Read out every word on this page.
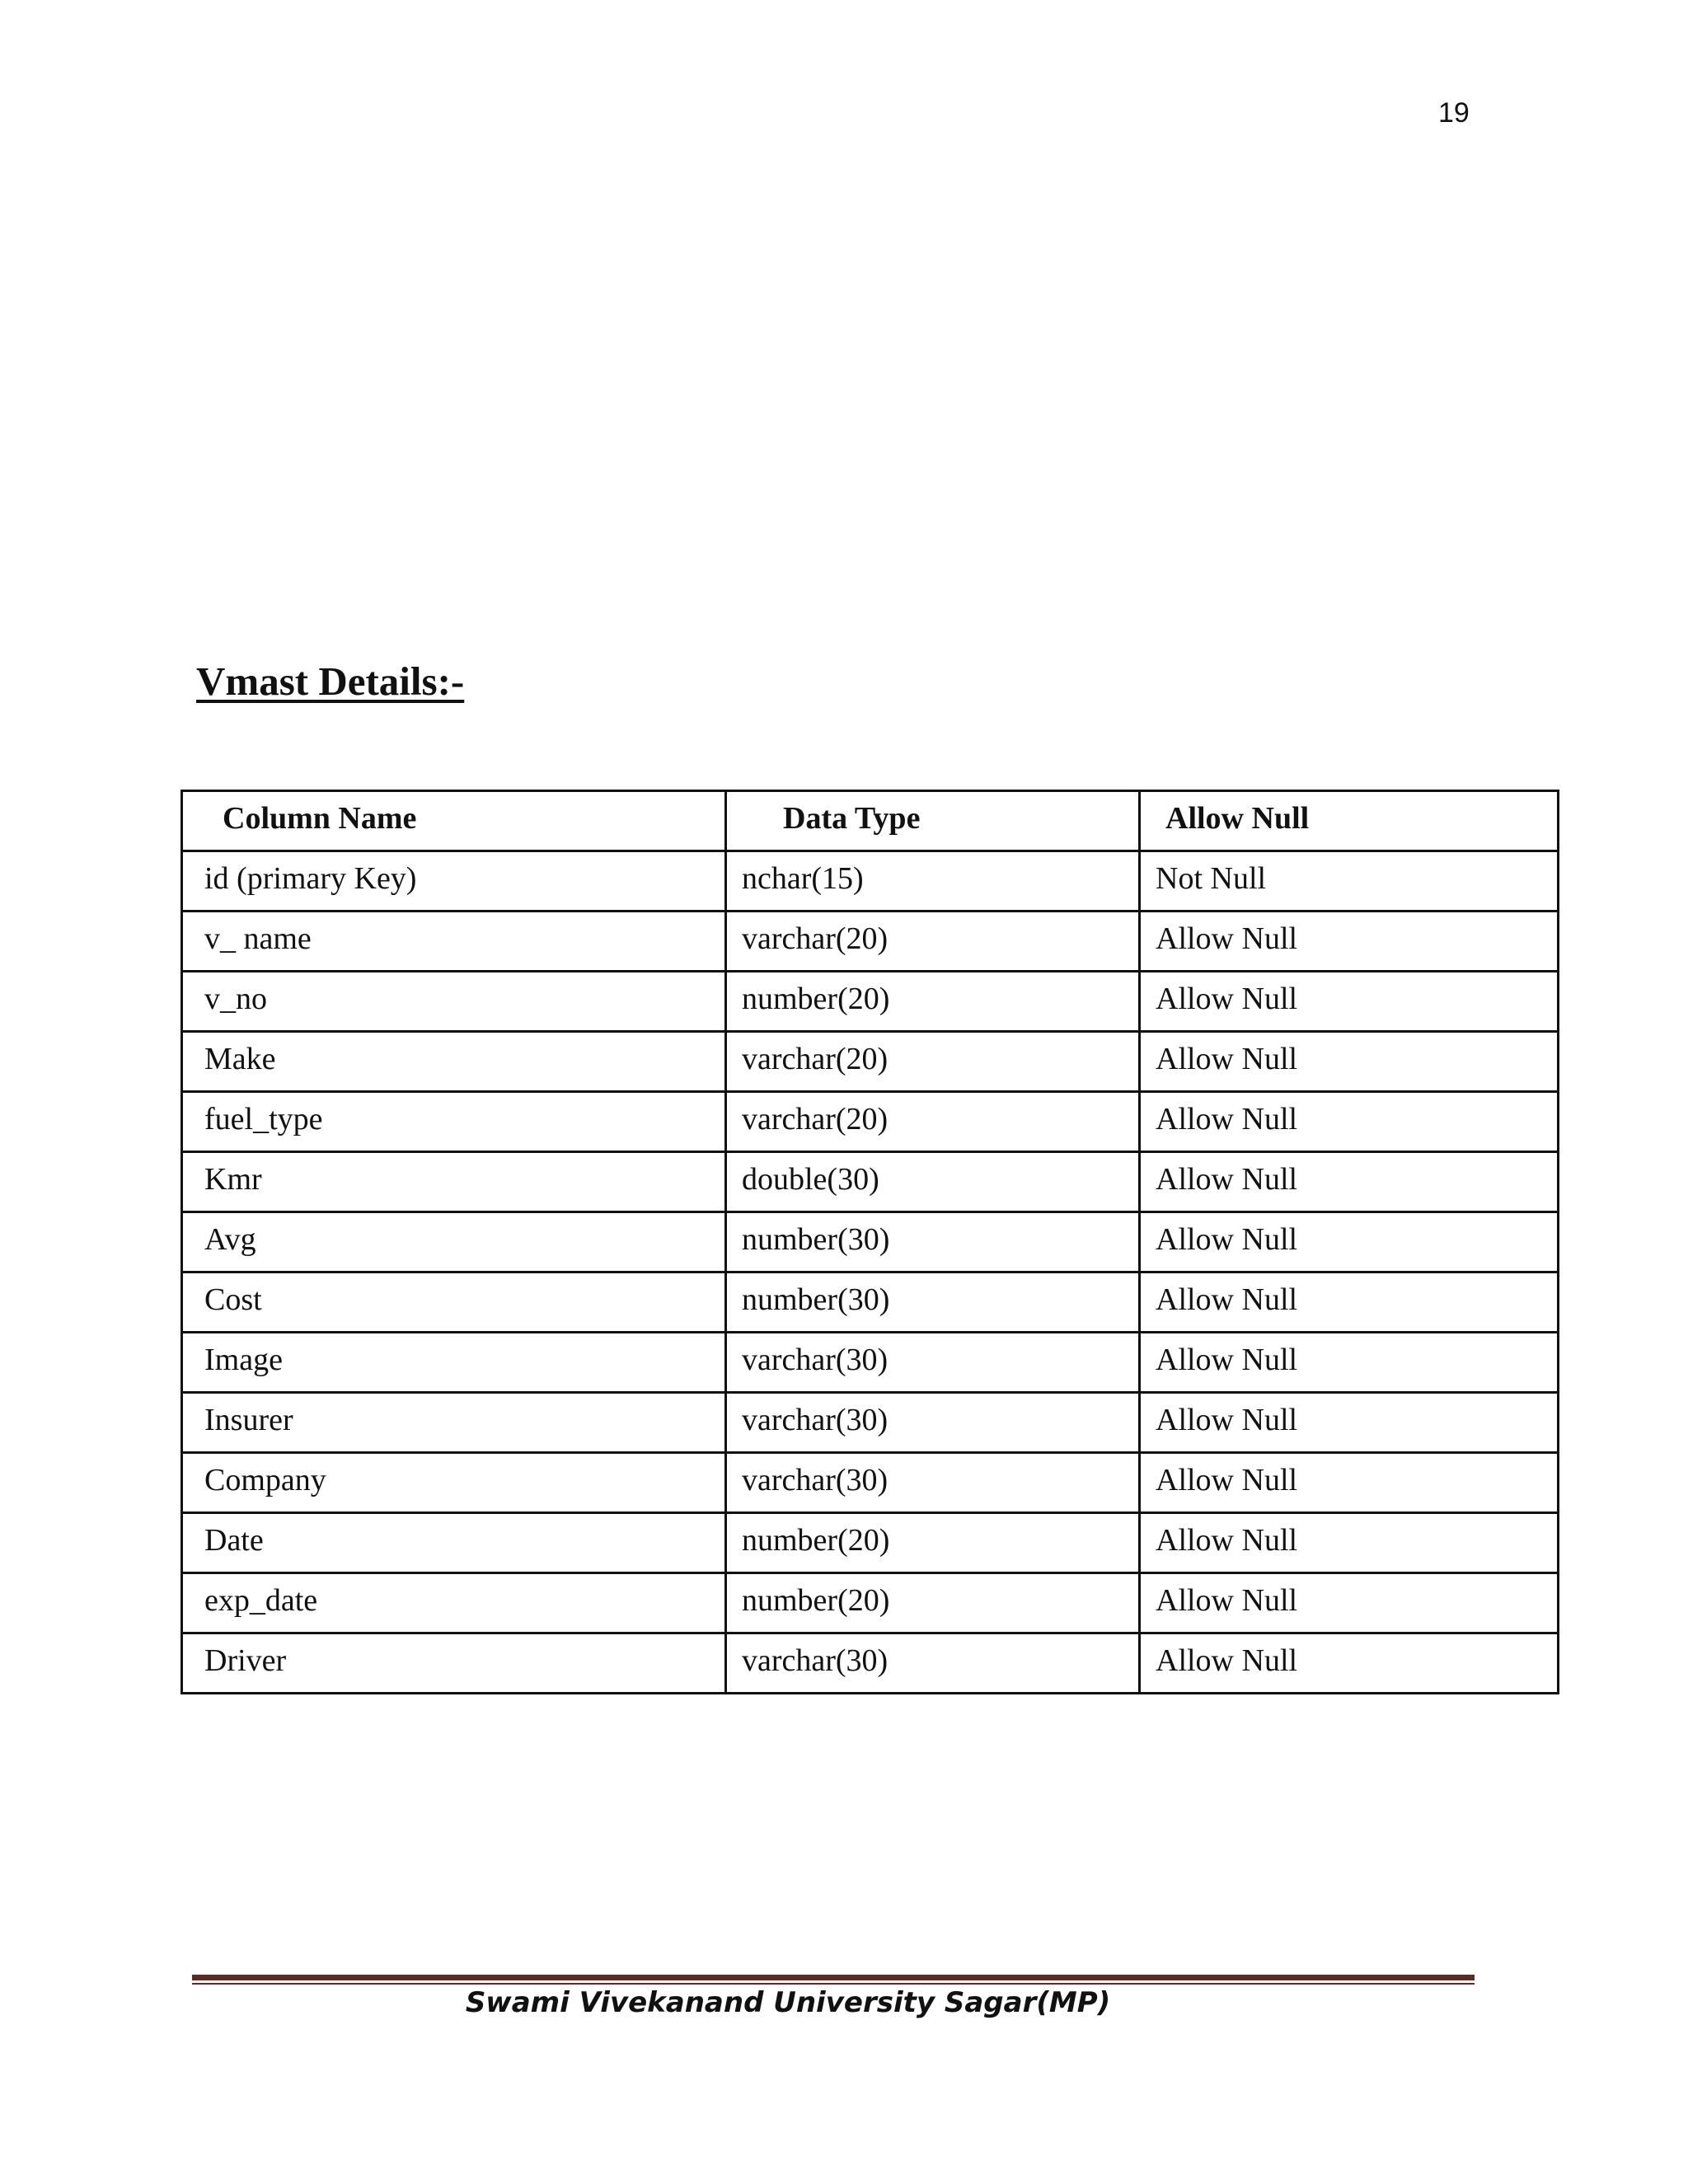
19
Vmast Details:-
Column Name	Data Type	Allow Null
id (primary Key)	nchar(15)	Not Null
v_ name	varchar(20)	Allow Null
v_no	number(20)	Allow Null
Make	varchar(20)	Allow Null
fuel_type	varchar(20)	Allow Null
Kmr	double(30)	Allow Null
Avg	number(30)	Allow Null
Cost	number(30)	Allow Null
Image	varchar(30)	Allow Null
Insurer	varchar(30)	Allow Null
Company	varchar(30)	Allow Null
Date	number(20)	Allow Null
exp_date	number(20)	Allow Null
Driver	varchar(30)	Allow Null
Swami Vivekanand University Sagar(MP)
